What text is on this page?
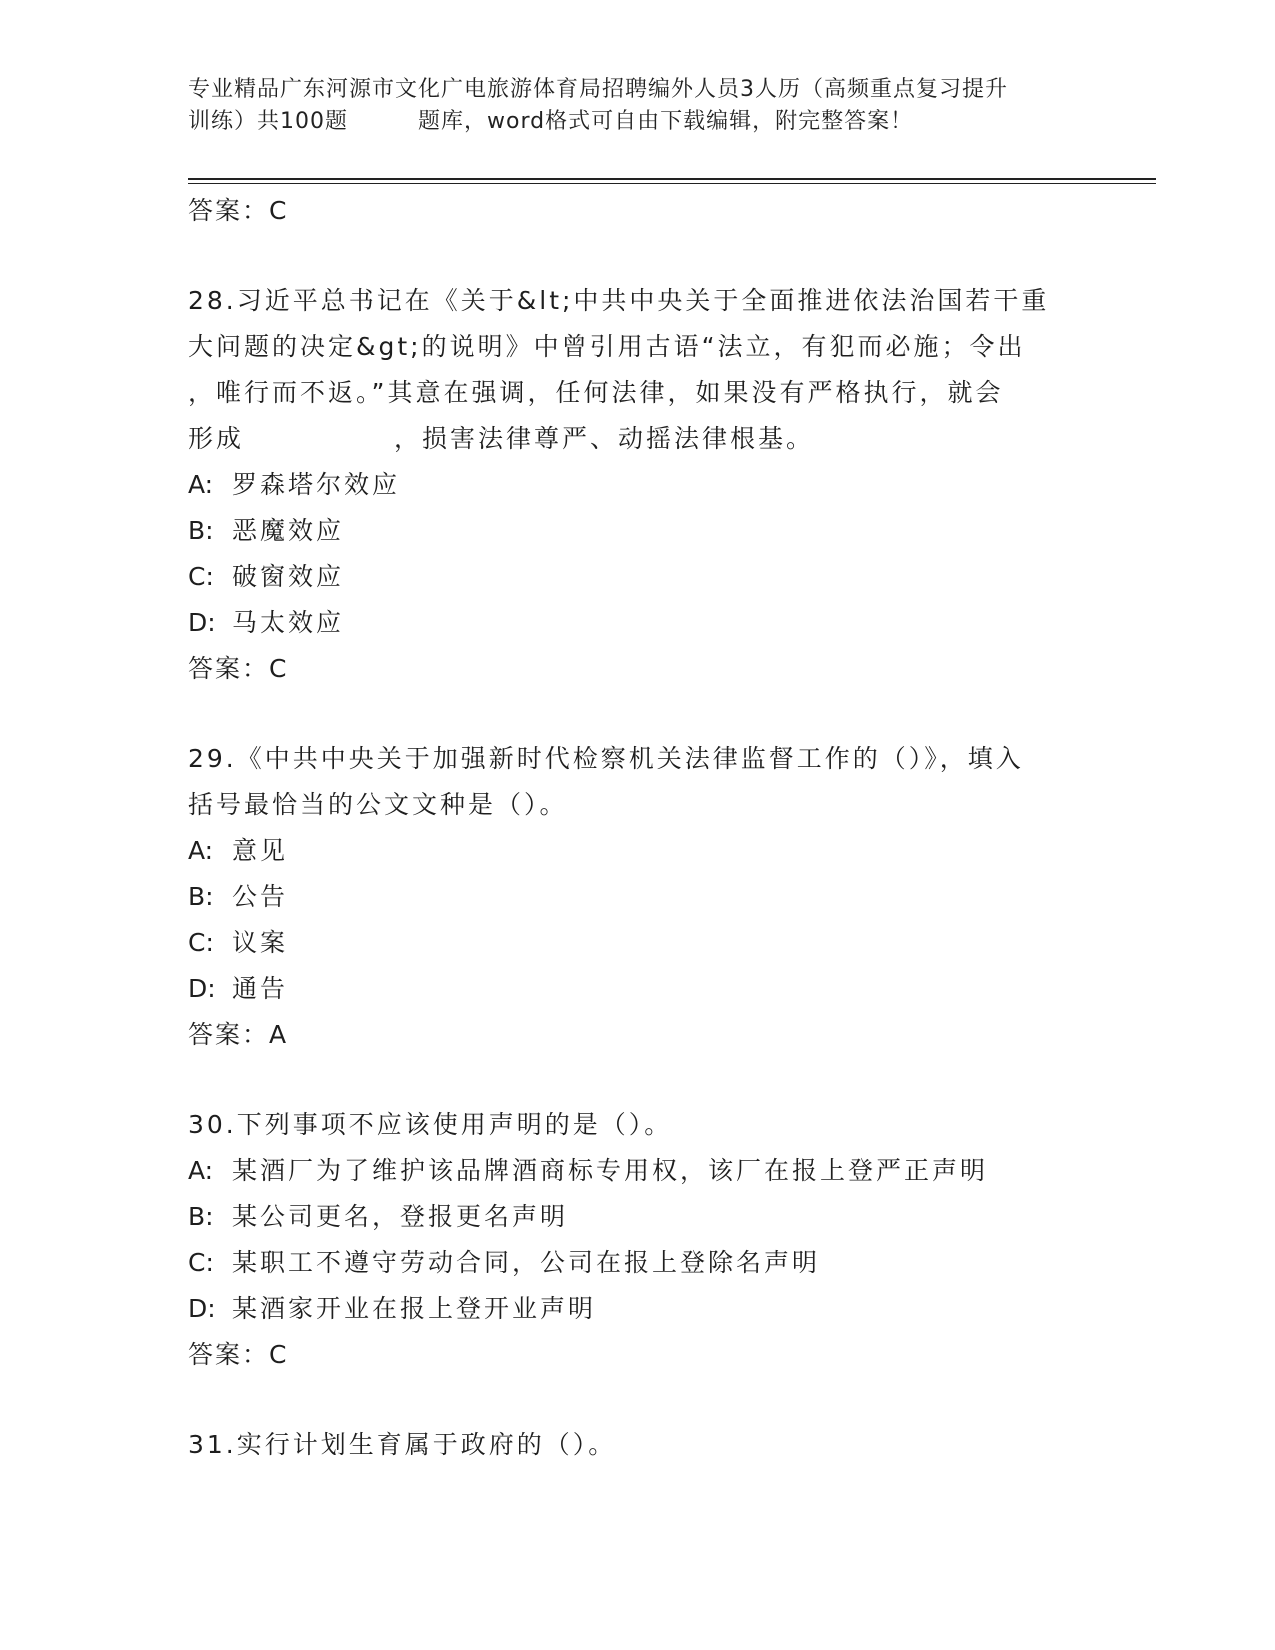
专业精品广东河源市文化广电旅游体育局招聘编外人员3人历（高频重点复习提升
训练）共100题	题库，word格式可自由下载编辑，附完整答案！
答案：C
28.习近平总书记在《关于&lt;中共中央关于全面推进依法治国若干重
大问题的决定&gt;的说明》中曾引用古语“法立，有犯而必施；令出
，唯行而不返。”其意在强调，任何法律，如果没有严格执行，就会
形成	，损害法律尊严、动摇法律根基。
A: 罗森塔尔效应
B: 恶魔效应
C: 破窗效应
D: 马太效应
答案：C
29.《中共中央关于加强新时代检察机关法律监督工作的（）》，填入
括号最恰当的公文文种是（）。
A: 意见
B: 公告
C: 议案
D: 通告
答案：A
30.下列事项不应该使用声明的是（）。
A: 某酒厂为了维护该品牌酒商标专用权，该厂在报上登严正声明
B: 某公司更名，登报更名声明
C: 某职工不遵守劳动合同，公司在报上登除名声明
D: 某酒家开业在报上登开业声明
答案：C
31.实行计划生育属于政府的（）。
